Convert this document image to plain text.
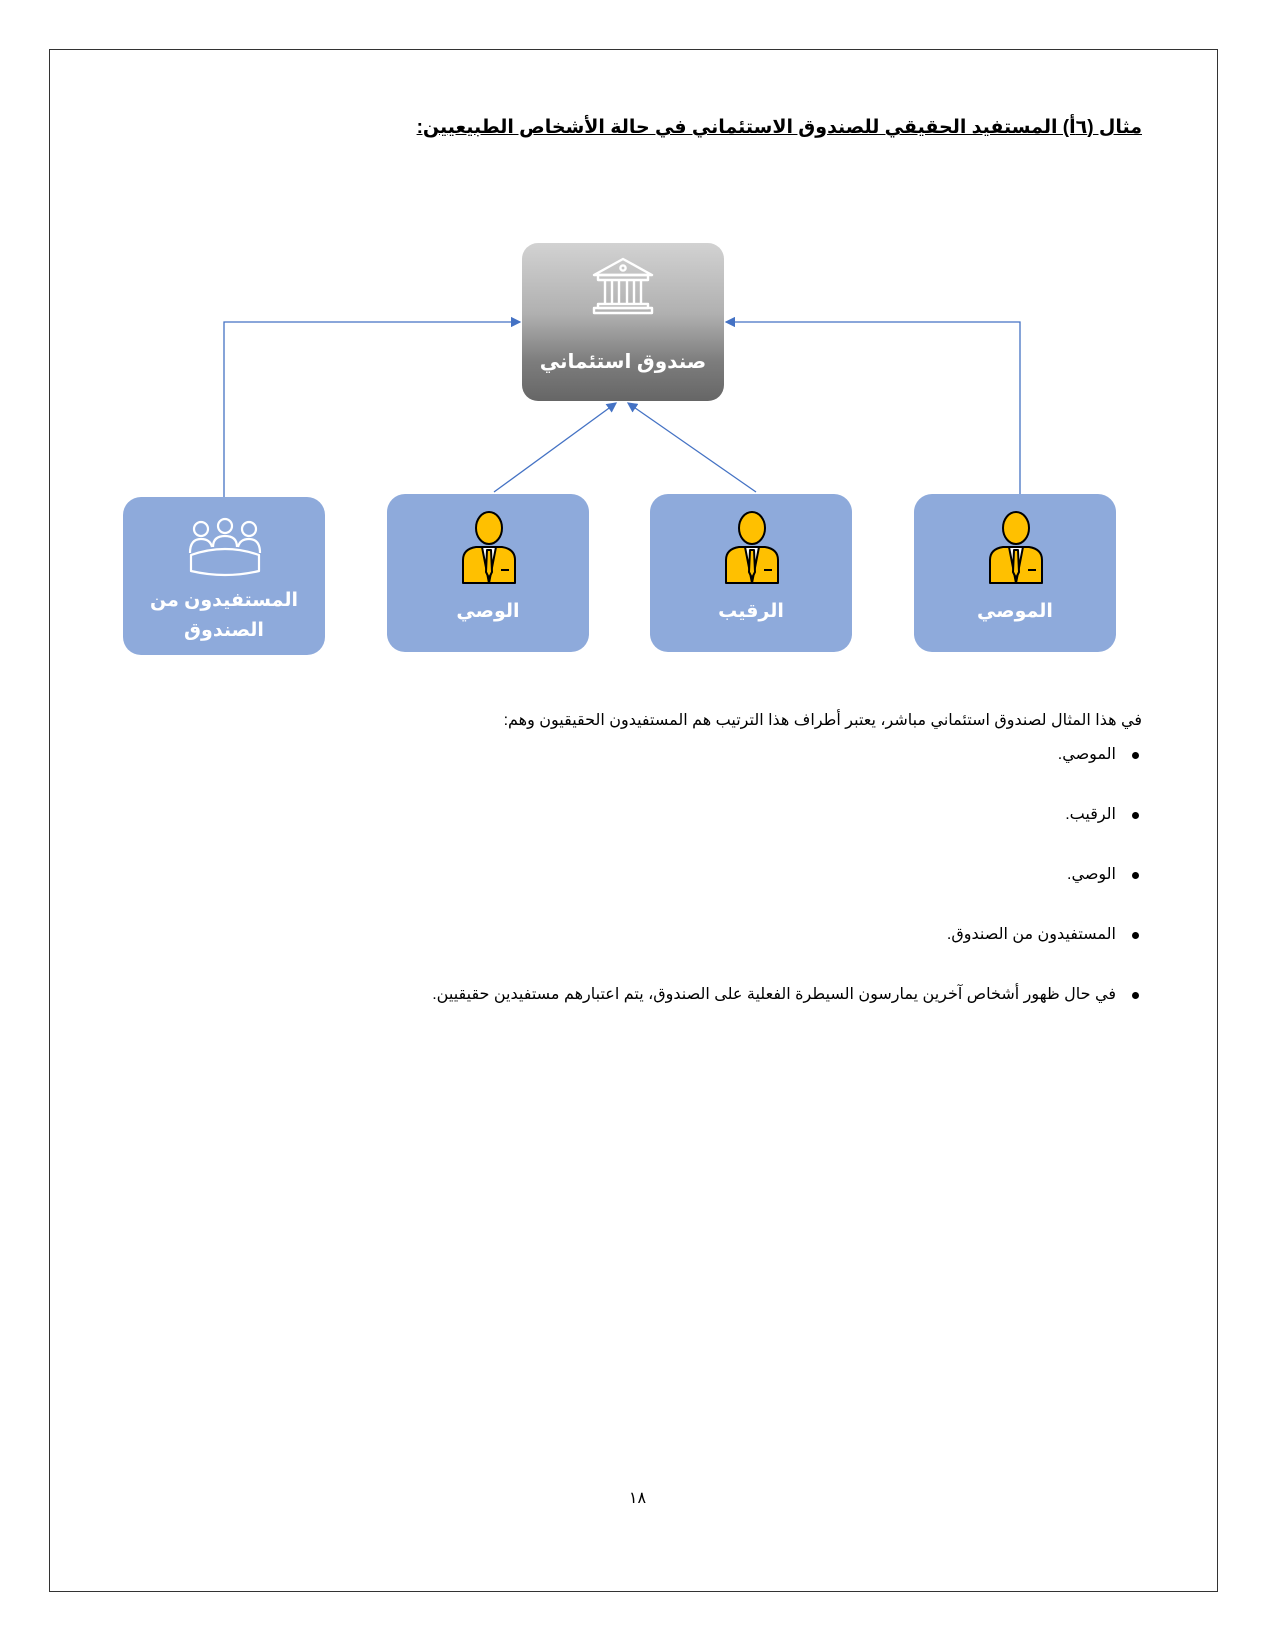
مثال (٦أ) المستفيد الحقيقي للصندوق الاستئماني في حالة الأشخاص الطبيعيين:
صندوق استئماني
الموصي
الرقيب
الوصي
المستفيدون من
الصندوق
في هذا المثال لصندوق استئماني مباشر، يعتبر أطراف هذا الترتيب هم المستفيدون الحقيقيون وهم:
الموصي.
الرقيب.
الوصي.
المستفيدون من الصندوق.
في حال ظهور أشخاص آخرين يمارسون السيطرة الفعلية على الصندوق، يتم اعتبارهم مستفيدين حقيقيين.
١٨
